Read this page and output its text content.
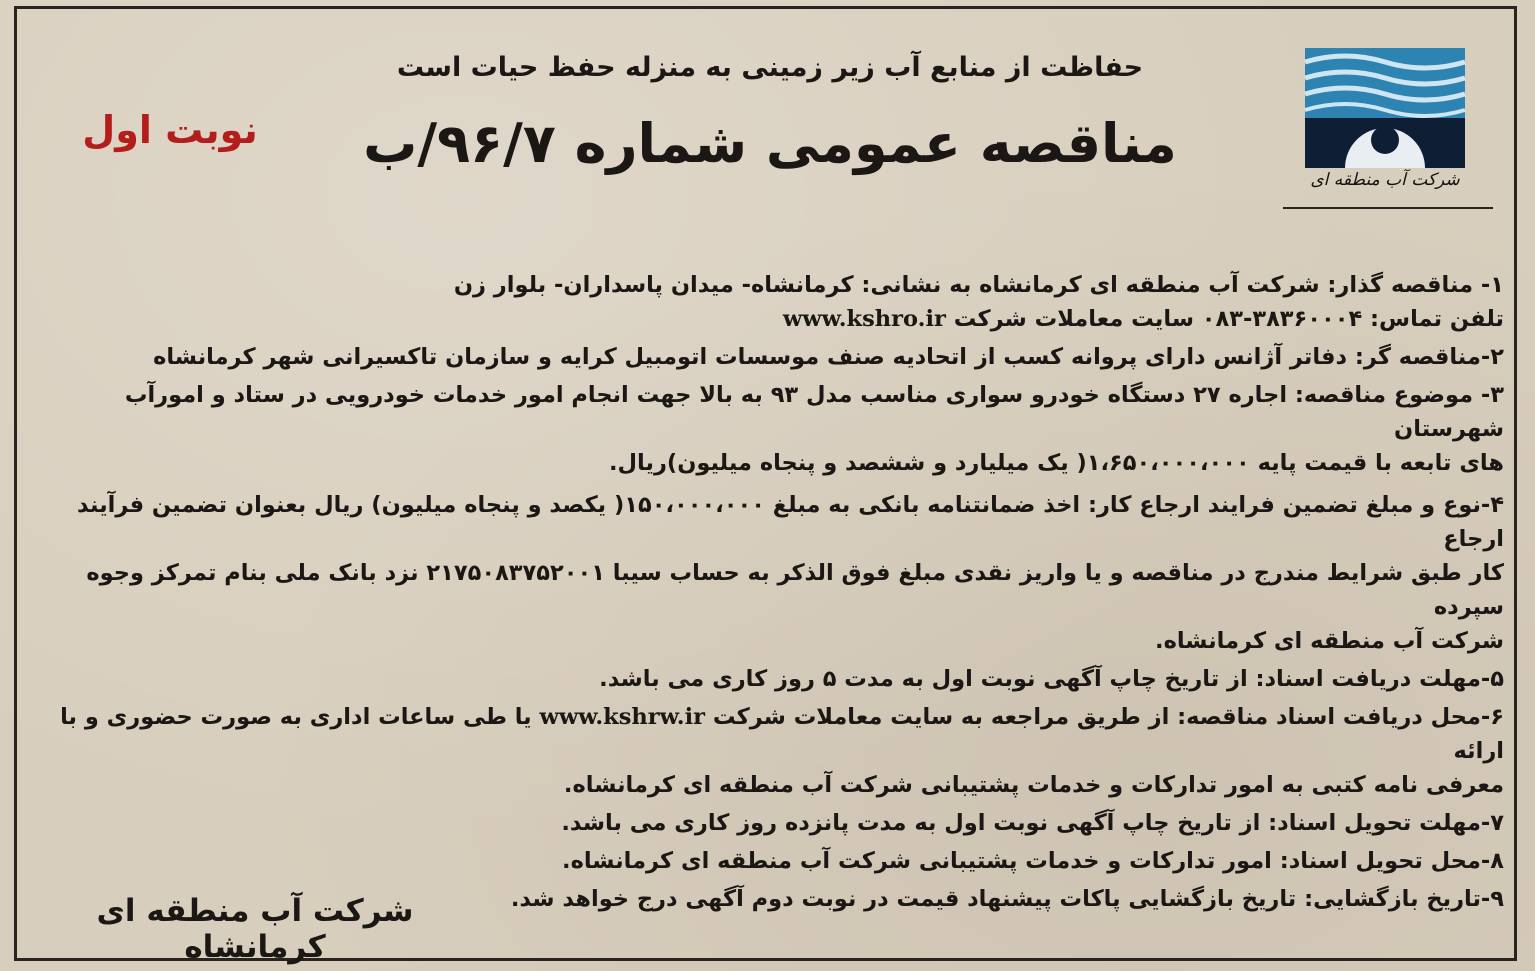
شرکت آب منطقه ای
حفاظت از منابع آب زیر زمینی به منزله حفظ حیات است
مناقصه عمومی شماره ۹۶/۷/ب
نوبت اول

۱- مناقصه گذار: شرکت آب منطقه ای کرمانشاه به نشانی: کرمانشاه- میدان پاسداران- بلوار زن

تلفن تماس: ۳۸۳۶۰۰۰۴-۰۸۳ سایت معاملات شرکت www.kshro.ir

۲-مناقصه گر: دفاتر آژانس دارای پروانه کسب از اتحادیه صنف موسسات اتومبیل کرایه و سازمان تاکسیرانی شهر کرمانشاه

۳- موضوع مناقصه: اجاره ۲۷ دستگاه خودرو سواری مناسب مدل ۹۳ به بالا جهت انجام امور خدمات خودرویی در ستاد و امورآب شهرستان

های تابعه با قیمت پایه ۱،۶۵۰،۰۰۰،۰۰۰( یک میلیارد و ششصد و پنجاه میلیون)ریال.

۴-نوع و مبلغ تضمین فرایند ارجاع کار: اخذ ضمانتنامه بانکی به مبلغ ۱۵۰،۰۰۰،۰۰۰( یکصد و پنجاه میلیون) ریال بعنوان تضمین فرآیند ارجاع

کار طبق شرایط مندرج در مناقصه و یا واریز نقدی مبلغ فوق الذکر به حساب سیبا ۲۱۷۵۰۸۳۷۵۲۰۰۱ نزد بانک ملی بنام تمرکز وجوه سپرده

شرکت آب منطقه ای کرمانشاه.

۵-مهلت دریافت اسناد: از تاریخ چاپ آگهی نوبت اول به مدت ۵ روز کاری می باشد.

۶-محل دریافت اسناد مناقصه: از طریق مراجعه به سایت معاملات شرکت www.kshrw.ir یا طی ساعات اداری به صورت حضوری و با ارائه

معرفی نامه کتبی به امور تدارکات و خدمات پشتیبانی شرکت آب منطقه ای کرمانشاه.

۷-مهلت تحویل اسناد: از تاریخ چاپ آگهی نوبت اول به مدت پانزده روز کاری می باشد.

۸-محل تحویل اسناد: امور تدارکات و خدمات پشتیبانی شرکت آب منطقه ای کرمانشاه.

۹-تاریخ بازگشایی: تاریخ بازگشایی پاکات پیشنهاد قیمت در نوبت دوم آگهی درج خواهد شد.

شرکت آب منطقه ای کرمانشاه
